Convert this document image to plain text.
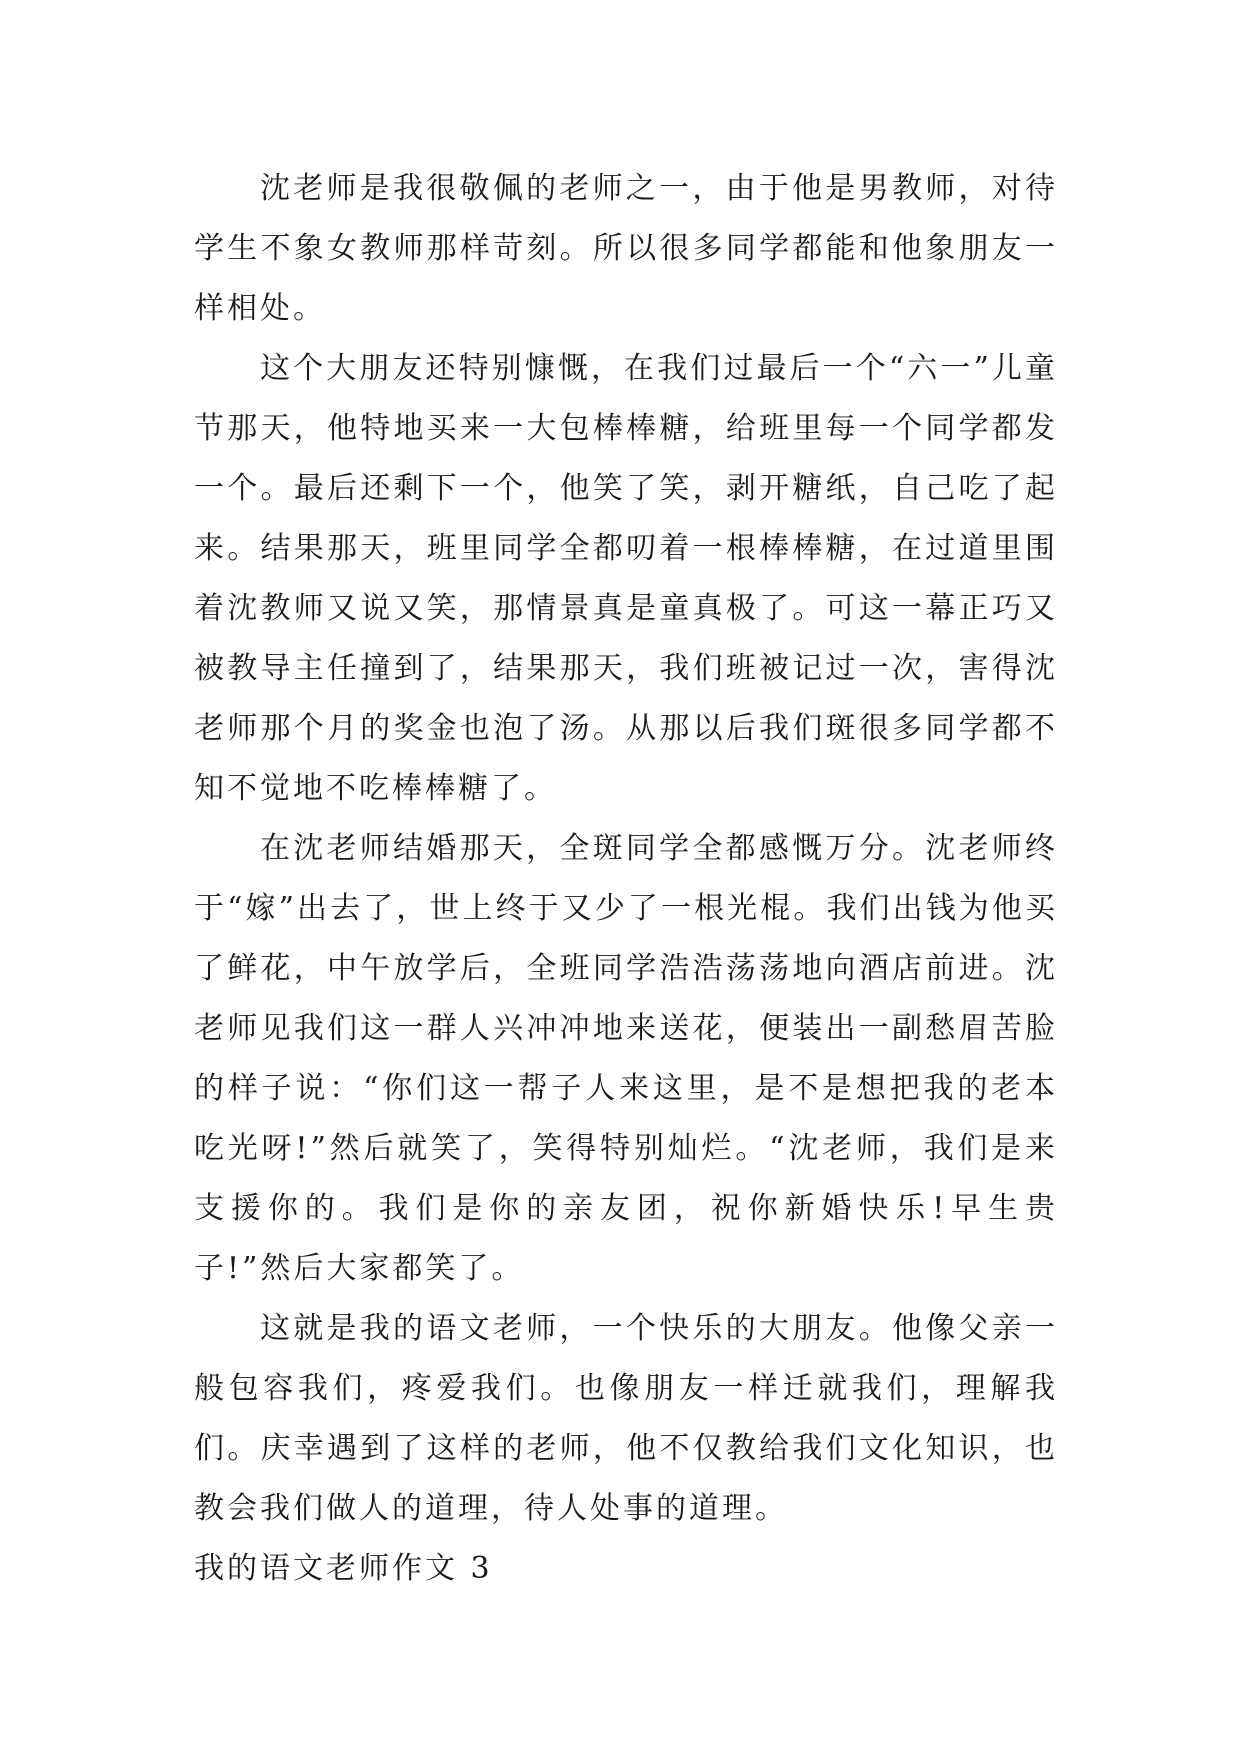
沈老师是我很敬佩的老师之一，由于他是男教师，对待学生不象女教师那样苛刻。所以很多同学都能和他象朋友一样相处。

这个大朋友还特别慷慨，在我们过最后一个“六一”儿童节那天，他特地买来一大包棒棒糖，给班里每一个同学都发一个。最后还剩下一个，他笑了笑，剥开糖纸，自己吃了起来。结果那天，班里同学全都叨着一根棒棒糖，在过道里围着沈教师又说又笑，那情景真是童真极了。可这一幕正巧又被教导主任撞到了，结果那天，我们班被记过一次，害得沈老师那个月的奖金也泡了汤。从那以后我们斑很多同学都不知不觉地不吃棒棒糖了。

在沈老师结婚那天，全斑同学全都感慨万分。沈老师终于“嫁”出去了，世上终于又少了一根光棍。我们出钱为他买了鲜花，中午放学后，全班同学浩浩荡荡地向酒店前进。沈老师见我们这一群人兴冲冲地来送花，便装出一副愁眉苦脸的样子说：“你们这一帮子人来这里，是不是想把我的老本吃光呀!”然后就笑了，笑得特别灿烂。“沈老师，我们是来支援你的。我们是你的亲友团，祝你新婚快乐!早生贵子!”然后大家都笑了。

这就是我的语文老师，一个快乐的大朋友。他像父亲一般包容我们，疼爱我们。也像朋友一样迁就我们，理解我们。庆幸遇到了这样的老师，他不仅教给我们文化知识，也教会我们做人的道理，待人处事的道理。

我的语文老师作文 3
